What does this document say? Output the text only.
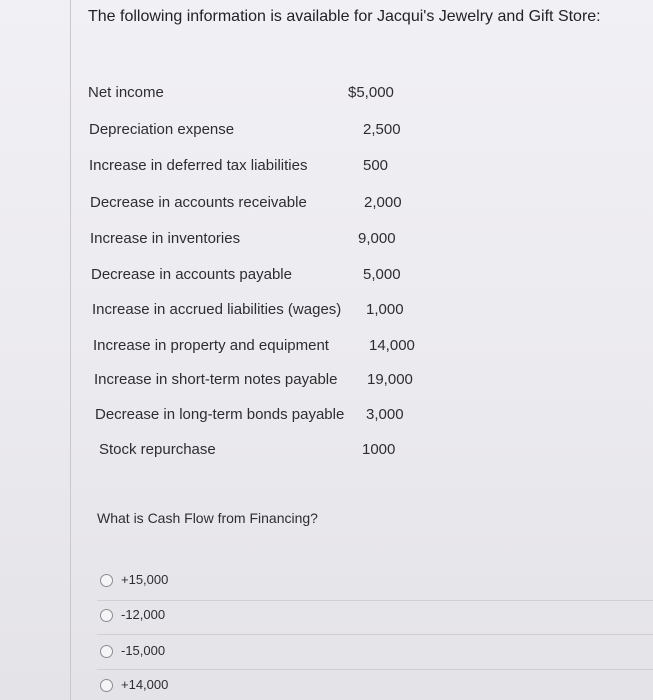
The following information is available for Jacqui's Jewelry and Gift Store:
Net income	$5,000
Depreciation expense	2,500
Increase in deferred tax liabilities	500
Decrease in accounts receivable	2,000
Increase in inventories	9,000
Decrease in accounts payable	5,000
Increase in accrued liabilities (wages) 1,000
Increase in property and equipment	14,000
Increase in short-term notes payable 19,000
Decrease in long-term bonds payable 3,000
Stock repurchase	1000
What is Cash Flow from Financing?
+15,000
-12,000
-15,000
+14,000
